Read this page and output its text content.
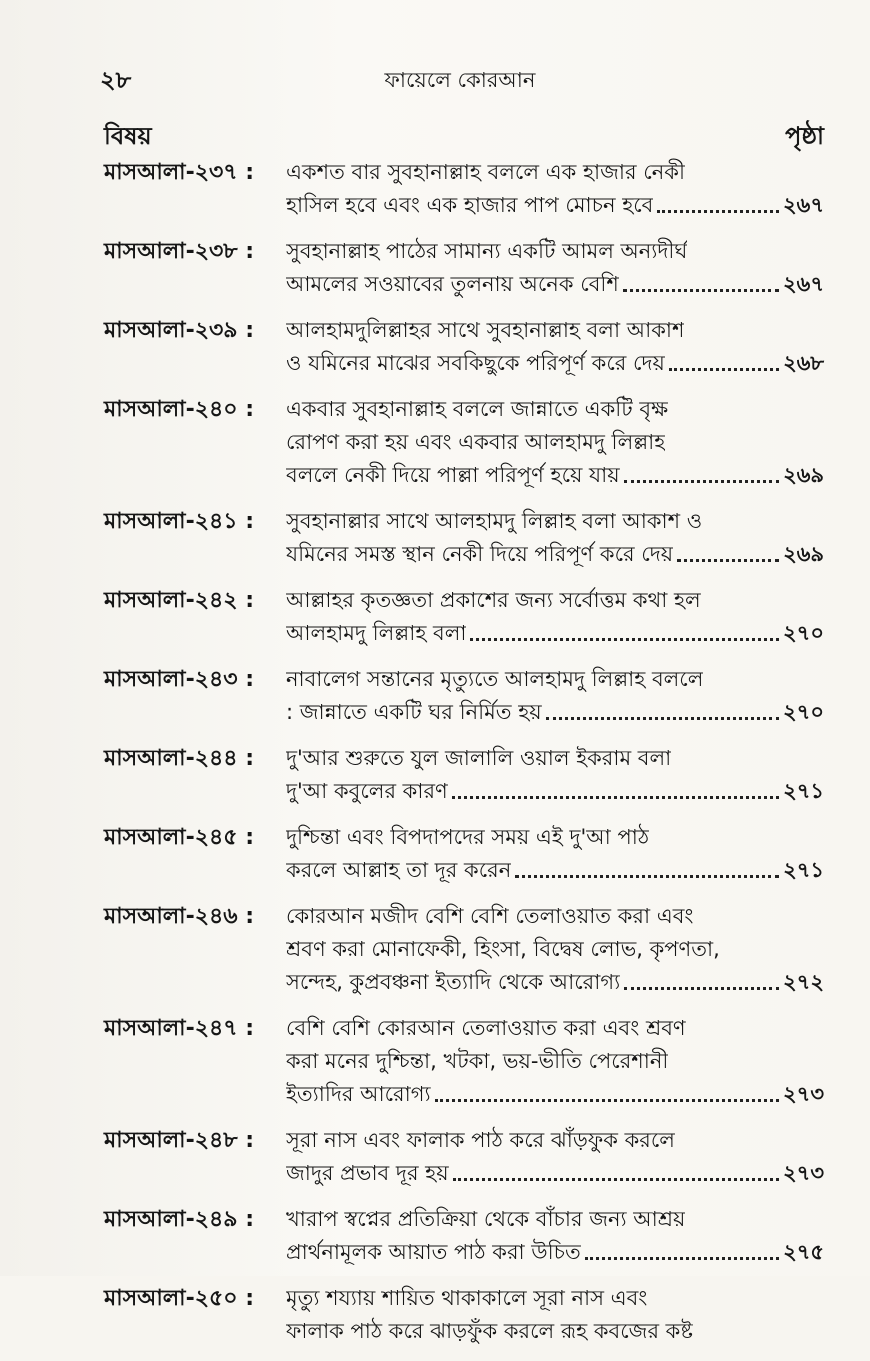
২৮	ফায়েলে কোরআন
বিষয়	পৃষ্ঠা
মাসআলা-২৩৭ :	একশত বার সুবহানাল্লাহ বললে এক হাজার নেকী
হাসিল হবে এবং এক হাজার পাপ মোচন হবে	২৬৭
মাসআলা-২৩৮ :	সুবহানাল্লাহ পাঠের সামান্য একটি আমল অন্যদীর্ঘ
আমলের সওয়াবের তুলনায় অনেক বেশি	২৬৭
মাসআলা-২৩৯ :	আলহামদুলিল্লাহর সাথে সুবহানাল্লাহ বলা আকাশ
ও যমিনের মাঝের সবকিছুকে পরিপূর্ণ করে দেয়	২৬৮
মাসআলা-২৪০ :	একবার সুবহানাল্লাহ বললে জান্নাতে একটি বৃক্ষ
রোপণ করা হয় এবং একবার আলহামদু লিল্লাহ
বললে নেকী দিয়ে পাল্লা পরিপূর্ণ হয়ে যায়	২৬৯
মাসআলা-২৪১ :	সুবহানাল্লার সাথে আলহামদু লিল্লাহ বলা আকাশ ও
যমিনের সমস্ত স্থান নেকী দিয়ে পরিপূর্ণ করে দেয়	২৬৯
মাসআলা-২৪২ :	আল্লাহর কৃতজ্ঞতা প্রকাশের জন্য সর্বোত্তম কথা হল
আলহামদু লিল্লাহ বলা	২৭০
মাসআলা-২৪৩ :	নাবালেগ সন্তানের মৃত্যুতে আলহামদু লিল্লাহ বললে
: জান্নাতে একটি ঘর নির্মিত হয়	২৭০
মাসআলা-২৪৪ :	দু'আর শুরুতে যুল জালালি ওয়াল ইকরাম বলা
দু'আ কবুলের কারণ	২৭১
মাসআলা-২৪৫ :	দুশ্চিন্তা এবং বিপদাপদের সময় এই দু'আ পাঠ
করলে আল্লাহ তা দূর করেন	২৭১
মাসআলা-২৪৬ :	কোরআন মজীদ বেশি বেশি তেলাওয়াত করা এবং
শ্রবণ করা মোনাফেকী, হিংসা, বিদ্বেষ লোভ, কৃপণতা,
সন্দেহ, কুপ্রবঞ্চনা ইত্যাদি থেকে আরোগ্য	২৭২
মাসআলা-২৪৭ :	বেশি বেশি কোরআন তেলাওয়াত করা এবং শ্রবণ
করা মনের দুশ্চিন্তা, খটকা, ভয়-ভীতি পেরেশানী
ইত্যাদির আরোগ্য	২৭৩
মাসআলা-২৪৮ :	সূরা নাস এবং ফালাক পাঠ করে ঝাঁড়ফুক করলে
জাদুর প্রভাব দূর হয়	২৭৩
মাসআলা-২৪৯ :	খারাপ স্বপ্নের প্রতিক্রিয়া থেকে বাঁচার জন্য আশ্রয়
প্রার্থনামূলক আয়াত পাঠ করা উচিত	২৭৫
মাসআলা-২৫০ :	মৃত্যু শয্যায় শায়িত থাকাকালে সূরা নাস এবং
ফালাক পাঠ করে ঝাড়ফুঁক করলে রূহ কবজের কষ্ট
